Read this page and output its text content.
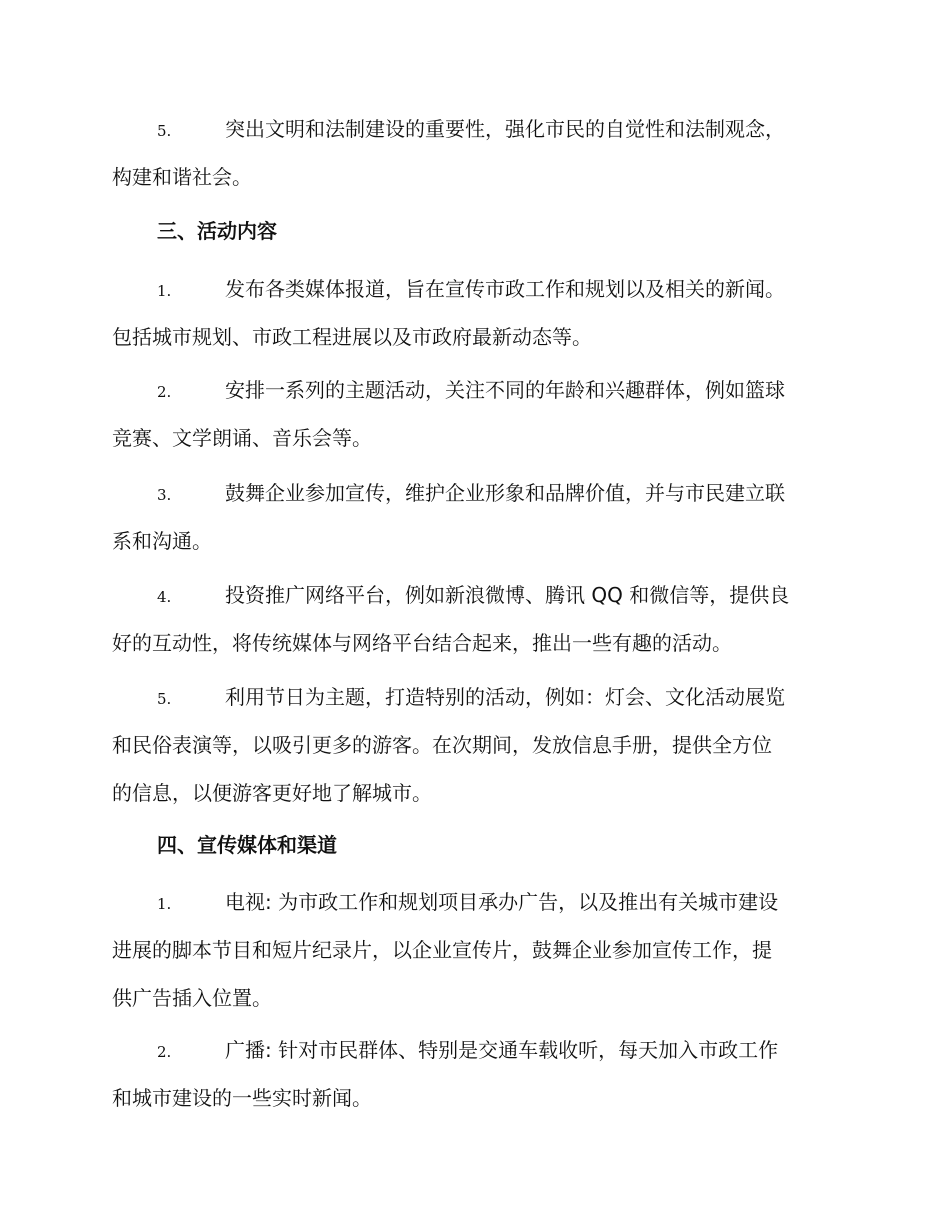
5.	突出文明和法制建设的重要性，强化市民的自觉性和法制观念，
构建和谐社会。
三、活动内容
1.	发布各类媒体报道，旨在宣传市政工作和规划以及相关的新闻。
包括城市规划、市政工程进展以及市政府最新动态等。
2.	安排一系列的主题活动，关注不同的年龄和兴趣群体，例如篮球
竞赛、文学朗诵、音乐会等。
3.	鼓舞企业参加宣传，维护企业形象和品牌价值，并与市民建立联
系和沟通。
4.	投资推广网络平台，例如新浪微博、腾讯 QQ 和微信等，提供良
好的互动性，将传统媒体与网络平台结合起来，推出一些有趣的活动。
5.	利用节日为主题，打造特别的活动，例如：灯会、文化活动展览
和民俗表演等，以吸引更多的游客。在次期间，发放信息手册，提供全方位
的信息，以便游客更好地了解城市。
四、宣传媒体和渠道
1.	电视: 为市政工作和规划项目承办广告，以及推出有关城市建设
进展的脚本节目和短片纪录片，以企业宣传片，鼓舞企业参加宣传工作，提
供广告插入位置。
2.	广播: 针对市民群体、特别是交通车载收听，每天加入市政工作
和城市建设的一些实时新闻。
